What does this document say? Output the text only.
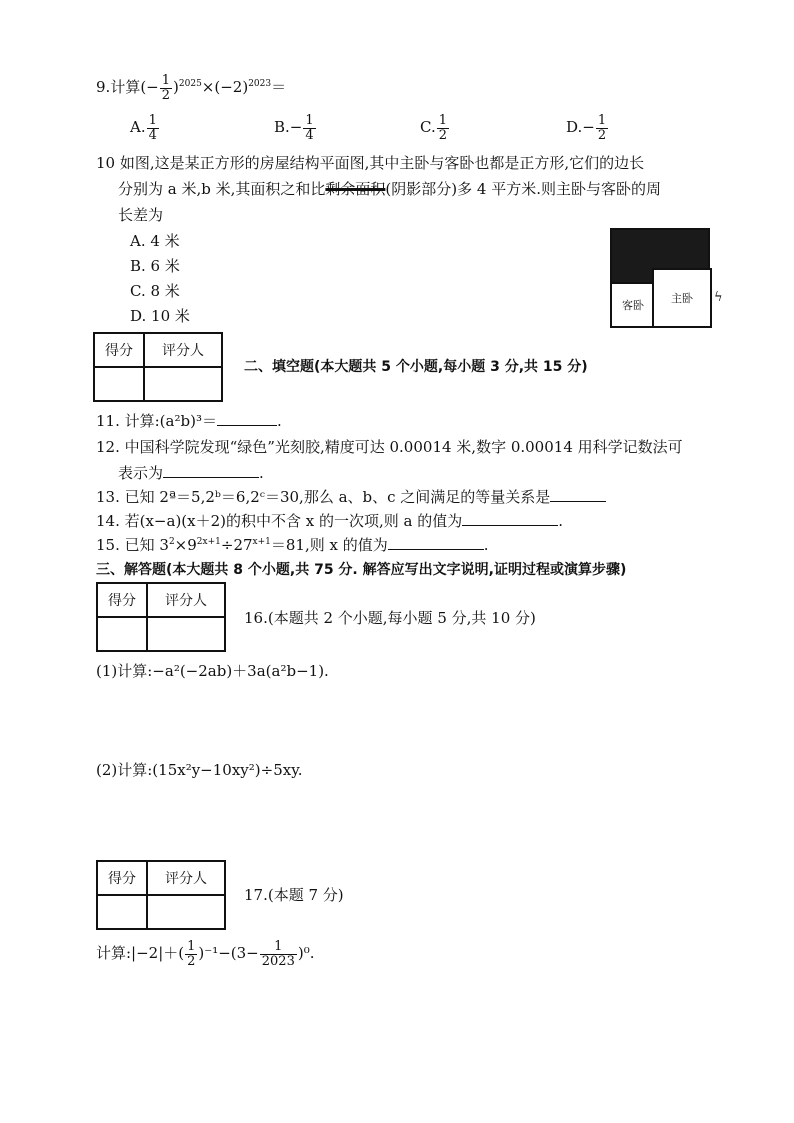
9.计算(− $\frac{1}{2} )^{2025}\times(-2)^{2023}=$
A. $\frac{1}{4}$	$B.- \frac{1}{4}$	C. $\frac{1}{2}$	$D.- \frac{1}{2}$
10 如图,这是某正方形的房屋结构平面图,其中主卧与客卧也都是正方形,它们的边长
分别为 a 米,b 米,其面积之和比剩余面积(阴影部分)多 4 平方米.则主卧与客卧的周
长差为
A. 4 米
B. 6 米
C. 8 米
D. 10 米
客卧
主卧 ϟ
得分	评分人

二、填空题(本大题共 5 个小题,每小题 3 分,共 15 分)
11. 计算:(a²b)³＝	.
12. 中国科学院发现“绿色”光刻胶,精度可达 0.00014 米,数字 0.00014 用科学记数法可
表示为	.
13. 已知 2ª＝5,2ᵇ＝6,2ᶜ＝30,那么 a、b、c 之间满足的等量关系是
14. 若(x−a)(x＋2)的积中不含 x 的一次项,则 a 的值为	.
15. 已知 $3^2\times 9^{2x+1}\div 27^{x+1}=81$,则 x 的值为	.
三、解答题(本大题共 8 个小题,共 75 分. 解答应写出文字说明,证明过程或演算步骤)
得分	评分人

16.(本题共 2 个小题,每小题 5 分,共 10 分)
(1)计算:−a²(−2ab)＋3a(a²b−1).
(2)计算:(15x²y−10xy²)÷5xy.
得分	评分人

17.(本题 7 分)
计算:|−2|＋( $\frac{1}{2} )^{-1}-(3- \frac{1}{2023} )^0$.
